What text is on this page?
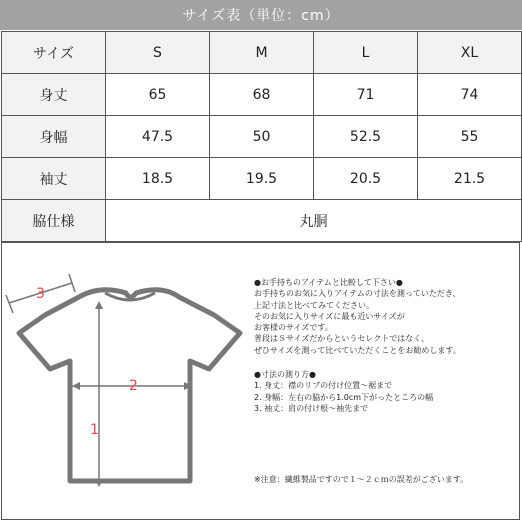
サイズ表（単位：cm）
サイズ	S	M	L	XL
身丈	65	68	71	74
身幅	47.5	50	52.5	55
袖丈	18.5	19.5	20.5	21.5
脇仕様	丸胴			
3
2
1

●お手持ちのアイテムと比較して下さい●

お手持ちのお気に入りアイテムの寸法を測っていただき、

上記寸法と比べてみてください。

そのお気に入りサイズに最も近いサイズが

お客様のサイズです。

普段はＳサイズだからというセレクトではなく、

ぜひサイズを測って比べていただくことをお勧めします。

●寸法の測り方●

1. 身丈：襟のリブの付け位置～裾まで

2. 身幅：左右の脇から1.0cm下がったところの幅

3. 袖丈：肩の付け根～袖先まで

※注意：繊維製品ですので１～２ｃｍの誤差がございます。
